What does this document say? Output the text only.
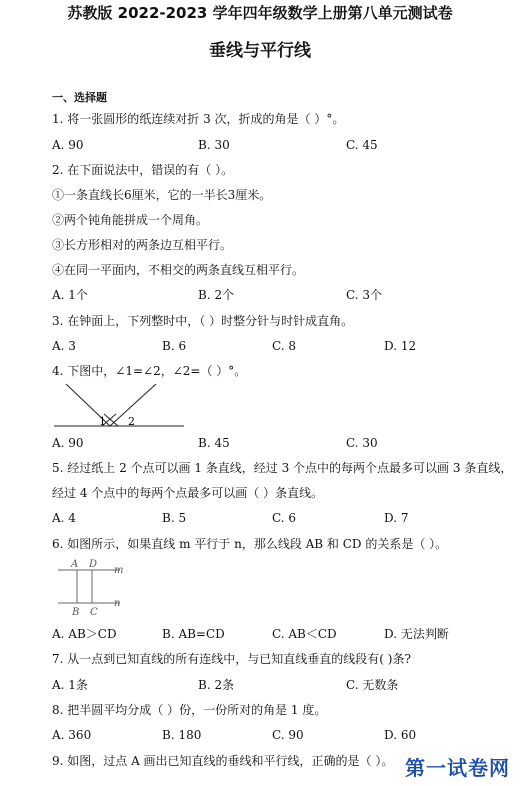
苏教版 2022-2023 学年四年级数学上册第八单元测试卷
垂线与平行线
一、选择题
1. 将一张圆形的纸连续对折 3 次，折成的角是（ ）°。
A. 90	B. 30	C. 45
2. 在下面说法中，错误的有（ ）。
①一条直线长6厘米，它的一半长3厘米。
②两个钝角能拼成一个周角。
③长方形相对的两条边互相平行。
④在同一平面内，不相交的两条直线互相平行。
A. 1个	B. 2个	C. 3个
3. 在钟面上，下列整时中，（ ）时整分针与时针成直角。
A. 3	B. 6	C. 8	D. 12
4. 下图中，∠1=∠2，∠2=（ ）°。
1 2
A. 90	B. 45	C. 30
5. 经过纸上 2 个点可以画 1 条直线，经过 3 个点中的每两个点最多可以画 3 条直线，
经过 4 个点中的每两个点最多可以画（ ）条直线。
A. 4	B. 5	C. 6	D. 7
6. 如图所示，如果直线 m 平行于 n，那么线段 AB 和 CD 的关系是（ ）。
A D
m
B C
n
A. AB＞CD	B. AB=CD	C. AB＜CD	D. 无法判断
7. 从一点到已知直线的所有连线中，与已知直线垂直的线段有( )条?
A. 1条	B. 2条	C. 无数条
8. 把半圆平均分成（ ）份，一份所对的角是 1 度。
A. 360	B. 180	C. 90	D. 60
9. 如图，过点 A 画出已知直线的垂线和平行线，正确的是（ ）。 第一试卷网
